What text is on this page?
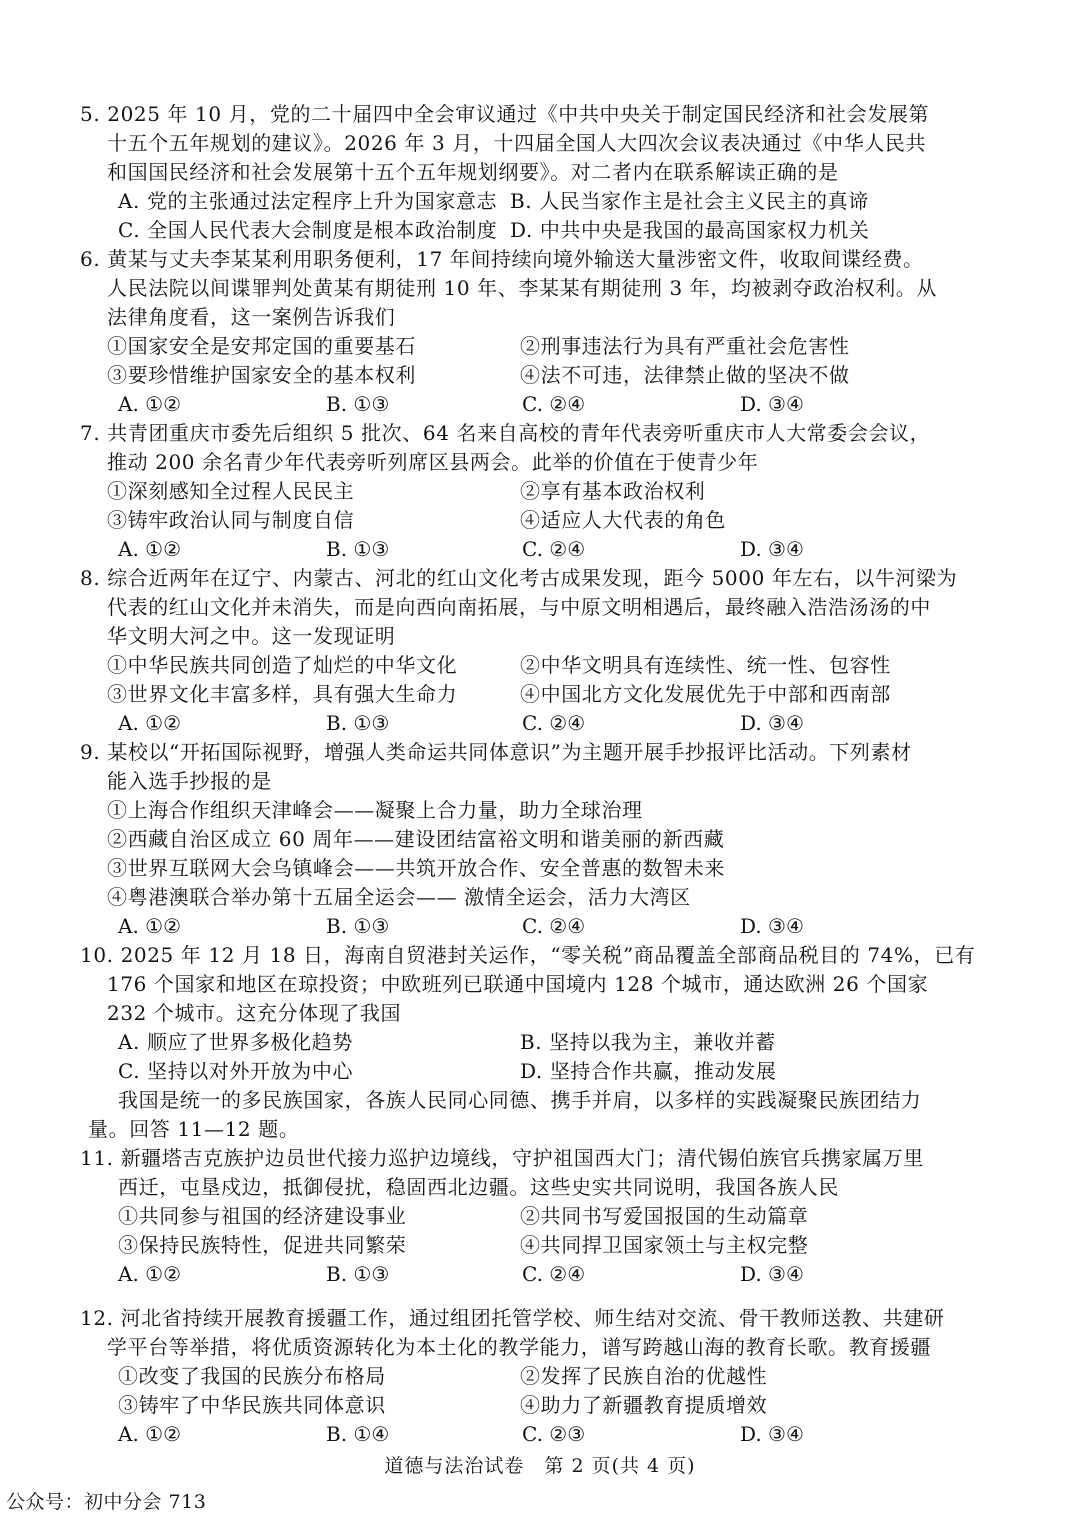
5. 2025 年 10 月，党的二十届四中全会审议通过《中共中央关于制定国民经济和社会发展第
十五个五年规划的建议》。2026 年 3 月，十四届全国人大四次会议表决通过《中华人民共
和国国民经济和社会发展第十五个五年规划纲要》。对二者内在联系解读正确的是
A. 党的主张通过法定程序上升为国家意志 B. 人民当家作主是社会主义民主的真谛
C. 全国人民代表大会制度是根本政治制度 D. 中共中央是我国的最高国家权力机关
6. 黄某与丈夫李某某利用职务便利，17 年间持续向境外输送大量涉密文件，收取间谍经费。
人民法院以间谍罪判处黄某有期徒刑 10 年、李某某有期徒刑 3 年，均被剥夺政治权利。从
法律角度看，这一案例告诉我们
①国家安全是安邦定国的重要基石	②刑事违法行为具有严重社会危害性
③要珍惜维护国家安全的基本权利	④法不可违，法律禁止做的坚决不做
A. ①②	B. ①③	C. ②④	D. ③④
7. 共青团重庆市委先后组织 5 批次、64 名来自高校的青年代表旁听重庆市人大常委会会议，
推动 200 余名青少年代表旁听列席区县两会。此举的价值在于使青少年
①深刻感知全过程人民民主	②享有基本政治权利
③铸牢政治认同与制度自信	④适应人大代表的角色
A. ①②	B. ①③	C. ②④	D. ③④
8. 综合近两年在辽宁、内蒙古、河北的红山文化考古成果发现，距今 5000 年左右，以牛河梁为
代表的红山文化并未消失，而是向西向南拓展，与中原文明相遇后，最终融入浩浩汤汤的中
华文明大河之中。这一发现证明
①中华民族共同创造了灿烂的中华文化	②中华文明具有连续性、统一性、包容性
③世界文化丰富多样，具有强大生命力	④中国北方文化发展优先于中部和西南部
A. ①②	B. ①③	C. ②④	D. ③④
9. 某校以“开拓国际视野，增强人类命运共同体意识”为主题开展手抄报评比活动。下列素材
能入选手抄报的是
①上海合作组织天津峰会——凝聚上合力量，助力全球治理
②西藏自治区成立 60 周年——建设团结富裕文明和谐美丽的新西藏
③世界互联网大会乌镇峰会——共筑开放合作、安全普惠的数智未来
④粤港澳联合举办第十五届全运会—— 激情全运会，活力大湾区
A. ①②	B. ①③	C. ②④	D. ③④
10. 2025 年 12 月 18 日，海南自贸港封关运作，“零关税”商品覆盖全部商品税目的 74%，已有
176 个国家和地区在琼投资；中欧班列已联通中国境内 128 个城市，通达欧洲 26 个国家
232 个城市。这充分体现了我国
A. 顺应了世界多极化趋势	B. 坚持以我为主，兼收并蓄
C. 坚持以对外开放为中心	D. 坚持合作共赢，推动发展
我国是统一的多民族国家，各族人民同心同德、携手并肩，以多样的实践凝聚民族团结力
量。回答 11—12 题。
11. 新疆塔吉克族护边员世代接力巡护边境线，守护祖国西大门；清代锡伯族官兵携家属万里
西迁，屯垦戍边，抵御侵扰，稳固西北边疆。这些史实共同说明，我国各族人民
①共同参与祖国的经济建设事业	②共同书写爱国报国的生动篇章
③保持民族特性，促进共同繁荣	④共同捍卫国家领土与主权完整
A. ①②	B. ①③	C. ②④	D. ③④
12. 河北省持续开展教育援疆工作，通过组团托管学校、师生结对交流、骨干教师送教、共建研
学平台等举措，将优质资源转化为本土化的教学能力，谱写跨越山海的教育长歌。教育援疆
①改变了我国的民族分布格局	②发挥了民族自治的优越性
③铸牢了中华民族共同体意识	④助力了新疆教育提质增效
A. ①②	B. ①④	C. ②③	D. ③④
道德与法治试卷　第 2 页(共 4 页)
公众号：初中分会 713
